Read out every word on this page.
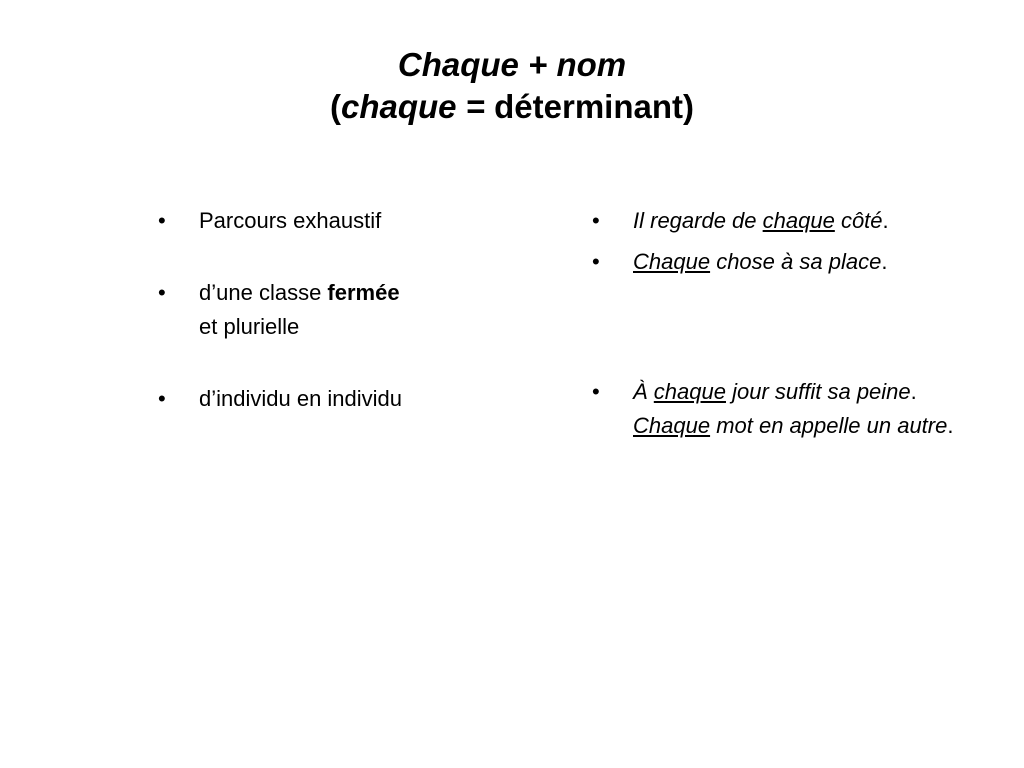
Chaque + nom
(chaque = déterminant)
• Parcours exhaustif
• d’une classe fermée
et plurielle
• d’individu en individu
• Il regarde de chaque côté.
• Chaque chose à sa place.
• À chaque jour suffit sa peine.
Chaque mot en appelle un autre.
